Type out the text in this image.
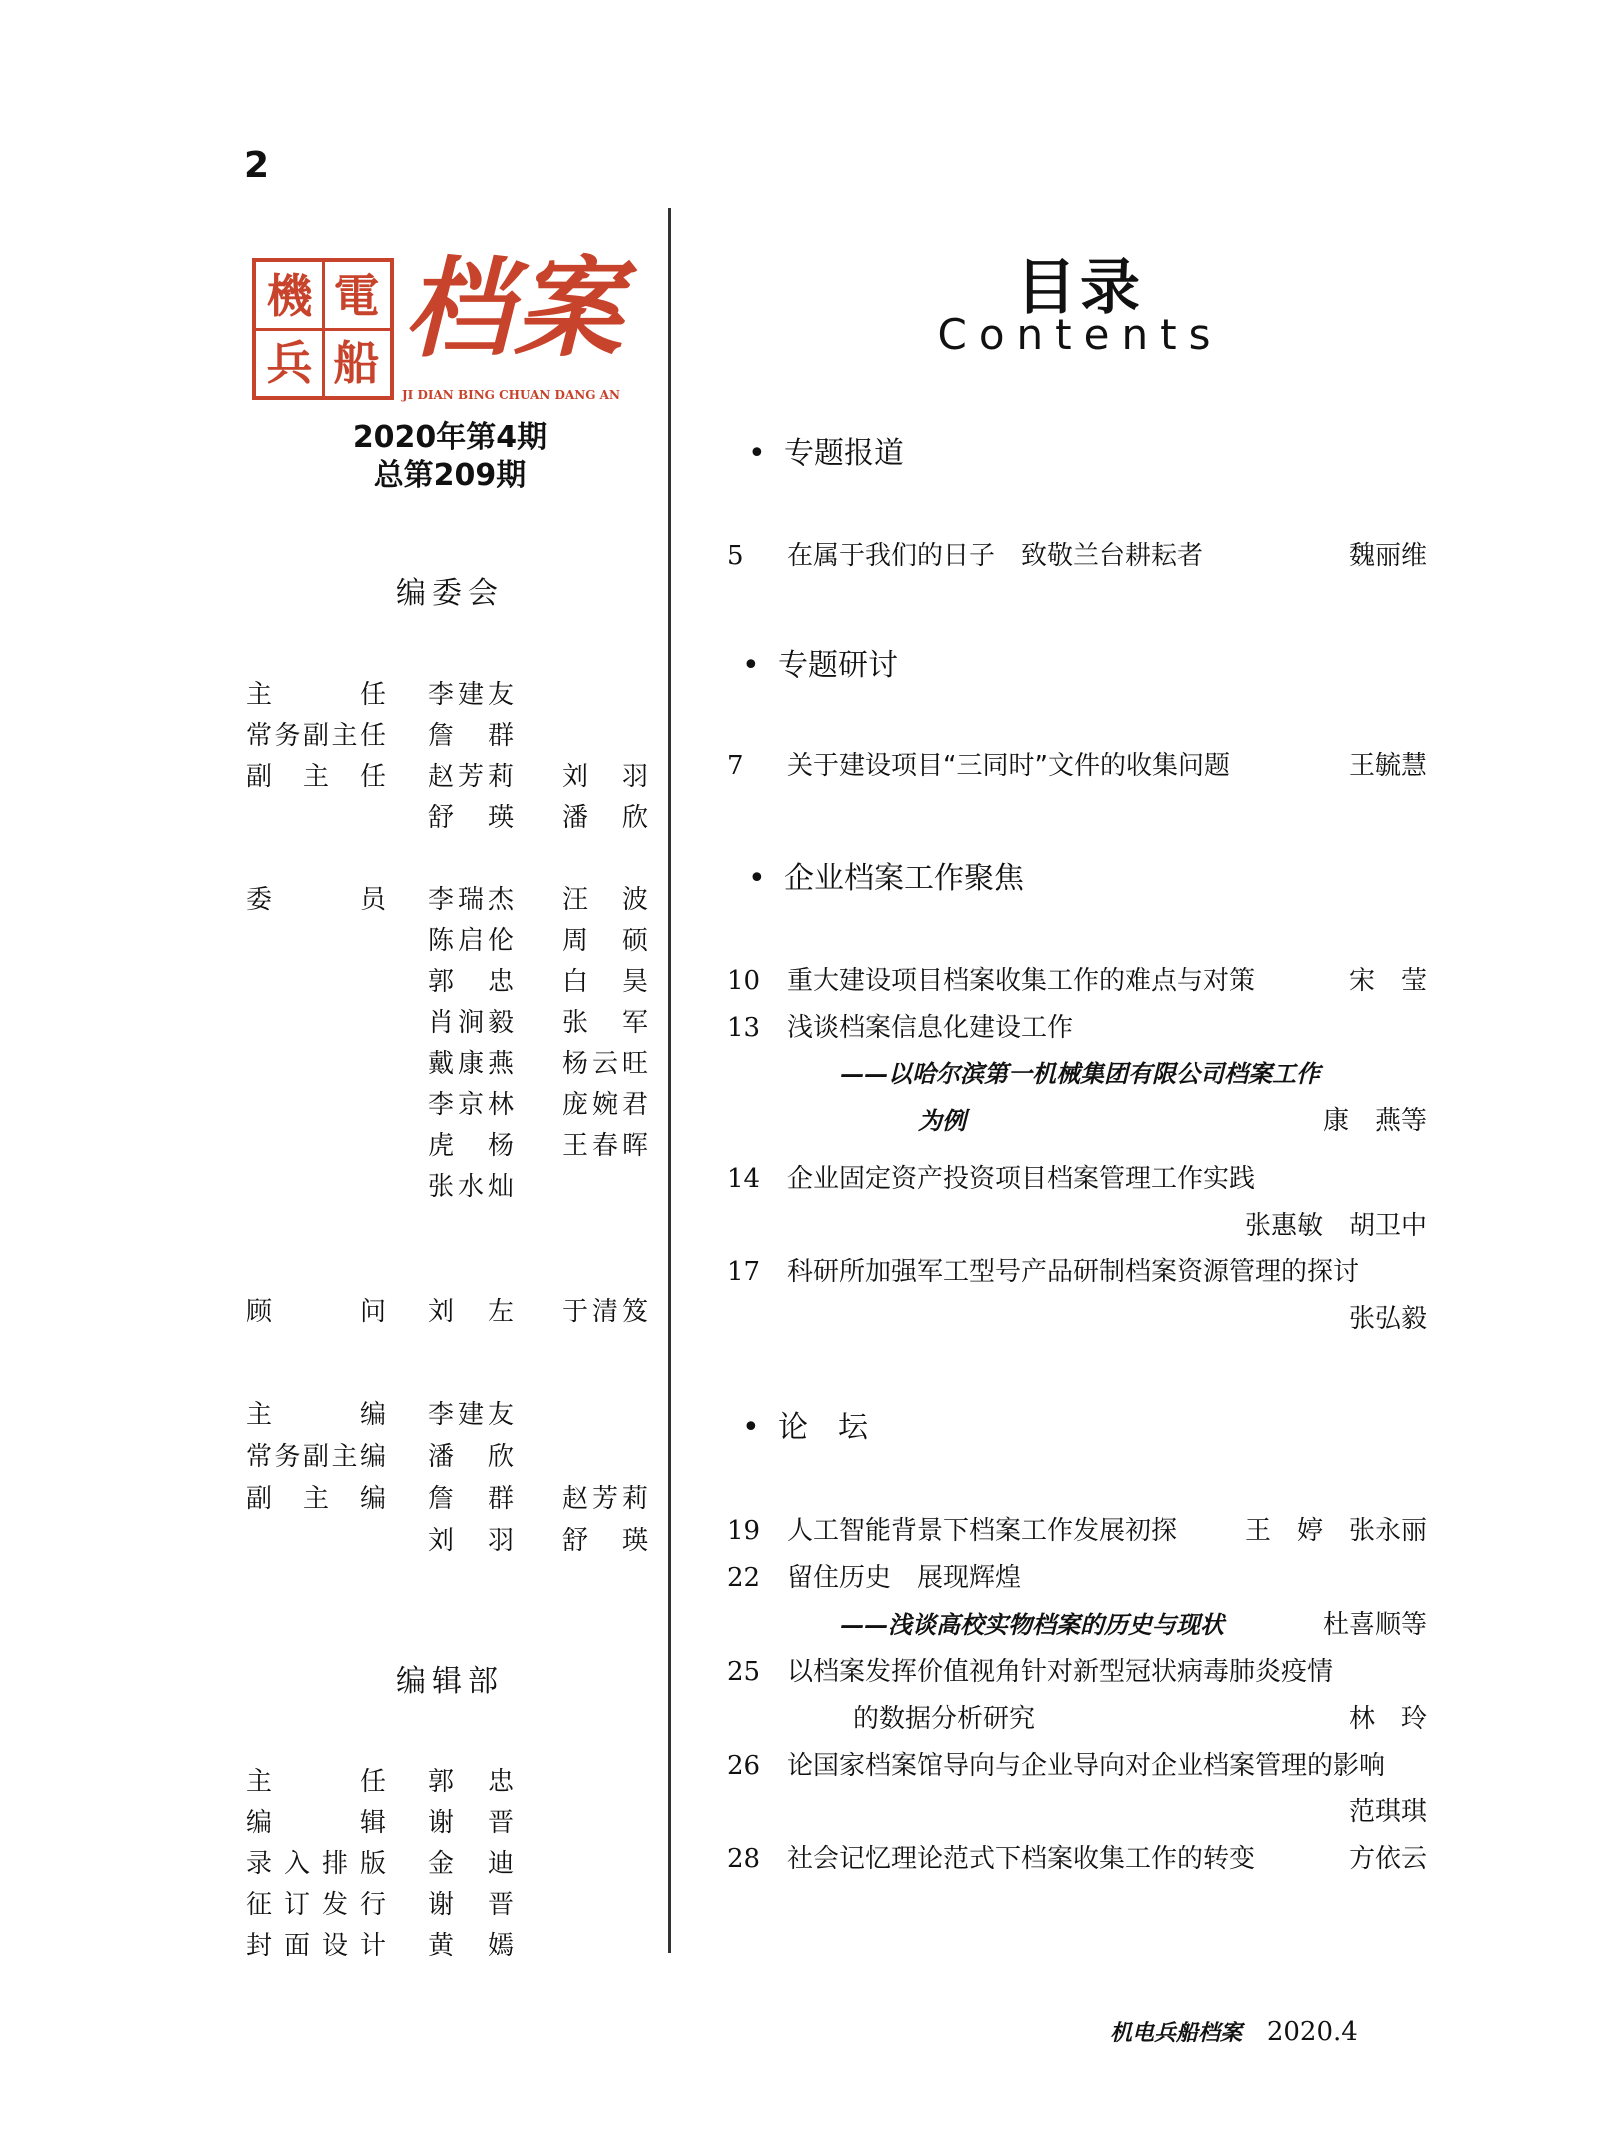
2
機 電
兵 船 档案
JI DIAN BING CHUAN DANG AN
2020年第4期
总第209期
编委会
主任 李建友
常务副主任 詹群
副主任 赵芳莉 刘羽
舒瑛 潘欣
委员 李瑞杰 汪波
陈启伦 周硕
郭忠 白昊
肖涧毅 张军
戴康燕 杨云旺
李京林 庞婉君
虎杨 王春晖
张水灿
顾问 刘左 于清笈
主编 李建友
常务副主编 潘欣
副主编 詹群 赵芳莉
刘羽 舒瑛
编辑部
主任 郭忠
编辑 谢晋
录入排版 金迪
征订发行 谢晋
封面设计 黄嫣
目录
Contents
• 专题报道
5 在属于我们的日子　致敬兰台耕耘者	魏丽维
• 专题研讨
7 关于建设项目“三同时”文件的收集问题	王毓慧
• 企业档案工作聚焦
10 重大建设项目档案收集工作的难点与对策	宋　莹
13 浅谈档案信息化建设工作
——以哈尔滨第一机械集团有限公司档案工作
为例	康　燕等
14 企业固定资产投资项目档案管理工作实践
张惠敏　胡卫中
17 科研所加强军工型号产品研制档案资源管理的探讨
张弘毅
• 论　坛
19 人工智能背景下档案工作发展初探	王　婷　张永丽
22 留住历史　展现辉煌
——浅谈高校实物档案的历史与现状	杜喜顺等
25 以档案发挥价值视角针对新型冠状病毒肺炎疫情
的数据分析研究	林　玲
26 论国家档案馆导向与企业导向对企业档案管理的影响
范琪琪
28 社会记忆理论范式下档案收集工作的转变	方依云
机电兵船档案 2020.4
